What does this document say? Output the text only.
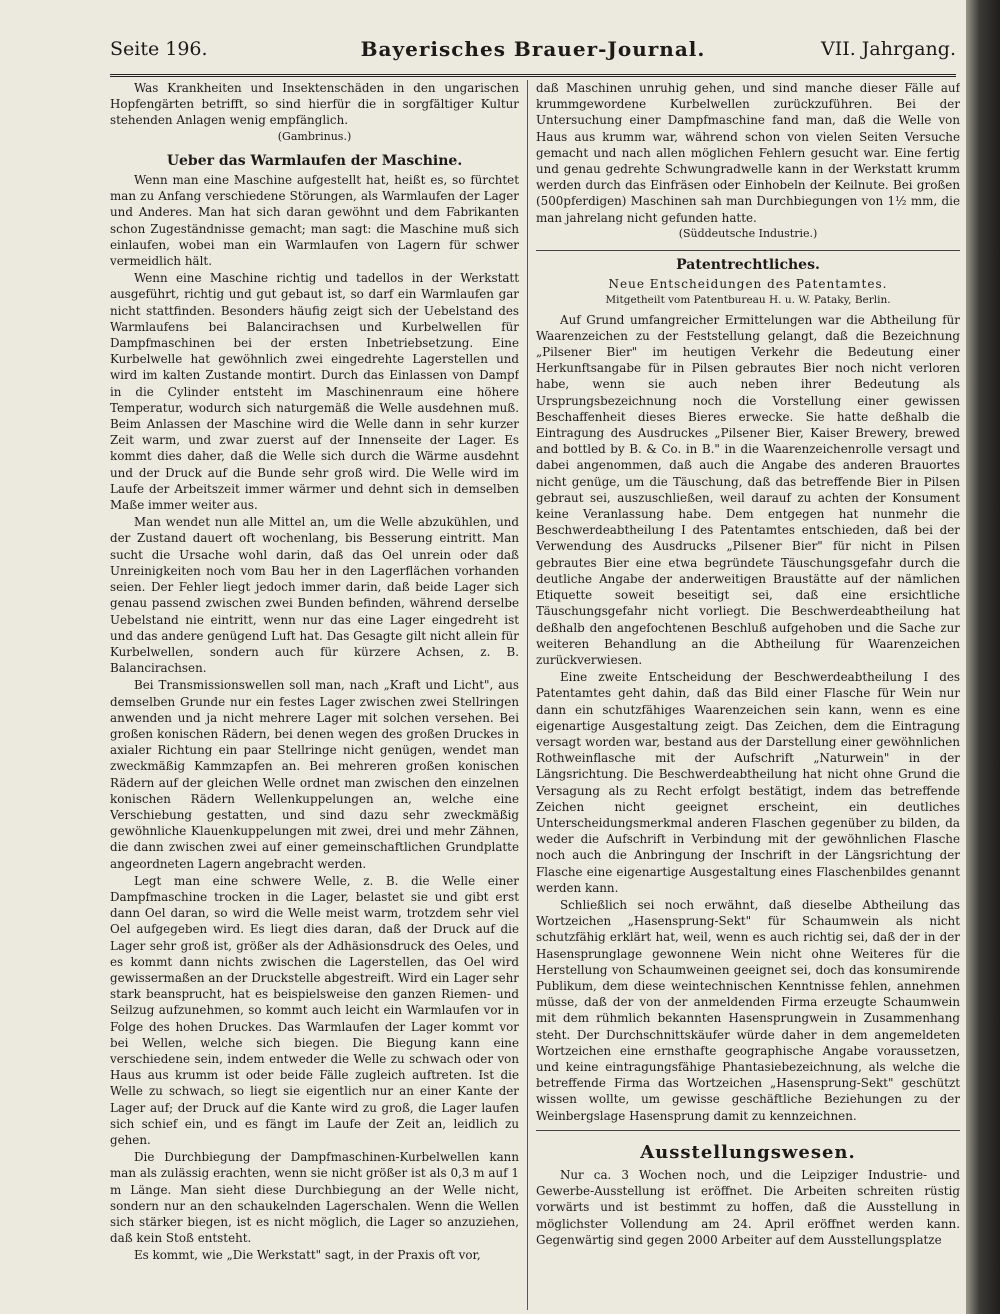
Seite 196.	Bayerisches Brauer-Journal.	VII. Jahrgang.

Was Krankheiten und Insektenschäden in den ungarischen Hopfengärten betrifft, so sind hierfür die in sorgfältiger Kultur stehenden Anlagen wenig empfänglich.

(Gambrinus.)
Ueber das Warmlaufen der Maschine.

Wenn man eine Maschine aufgestellt hat, heißt es, so fürchtet man zu Anfang verschiedene Störungen, als Warmlaufen der Lager und Anderes. Man hat sich daran gewöhnt und dem Fabrikanten schon Zugeständnisse gemacht; man sagt: die Maschine muß sich einlaufen, wobei man ein Warmlaufen von Lagern für schwer vermeidlich hält.

Wenn eine Maschine richtig und tadellos in der Werkstatt ausgeführt, richtig und gut gebaut ist, so darf ein Warmlaufen gar nicht stattfinden. Besonders häufig zeigt sich der Uebelstand des Warmlaufens bei Balancirachsen und Kurbelwellen für Dampfmaschinen bei der ersten Inbetriebsetzung. Eine Kurbelwelle hat gewöhnlich zwei eingedrehte Lagerstellen und wird im kalten Zustande montirt. Durch das Einlassen von Dampf in die Cylinder entsteht im Maschinenraum eine höhere Temperatur, wodurch sich naturgemäß die Welle ausdehnen muß. Beim Anlassen der Maschine wird die Welle dann in sehr kurzer Zeit warm, und zwar zuerst auf der Innenseite der Lager. Es kommt dies daher, daß die Welle sich durch die Wärme ausdehnt und der Druck auf die Bunde sehr groß wird. Die Welle wird im Laufe der Arbeitszeit immer wärmer und dehnt sich in demselben Maße immer weiter aus.

Man wendet nun alle Mittel an, um die Welle abzukühlen, und der Zustand dauert oft wochenlang, bis Besserung eintritt. Man sucht die Ursache wohl darin, daß das Oel unrein oder daß Unreinigkeiten noch vom Bau her in den Lagerflächen vorhanden seien. Der Fehler liegt jedoch immer darin, daß beide Lager sich genau passend zwischen zwei Bunden befinden, während derselbe Uebelstand nie eintritt, wenn nur das eine Lager eingedreht ist und das andere genügend Luft hat. Das Gesagte gilt nicht allein für Kurbelwellen, sondern auch für kürzere Achsen, z. B. Balancirachsen.

Bei Transmissionswellen soll man, nach „Kraft und Licht", aus demselben Grunde nur ein festes Lager zwischen zwei Stellringen anwenden und ja nicht mehrere Lager mit solchen versehen. Bei großen konischen Rädern, bei denen wegen des großen Druckes in axialer Richtung ein paar Stellringe nicht genügen, wendet man zweckmäßig Kammzapfen an. Bei mehreren großen konischen Rädern auf der gleichen Welle ordnet man zwischen den einzelnen konischen Rädern Wellenkuppelungen an, welche eine Verschiebung gestatten, und sind dazu sehr zweckmäßig gewöhnliche Klauenkuppelungen mit zwei, drei und mehr Zähnen, die dann zwischen zwei auf einer gemeinschaftlichen Grundplatte angeordneten Lagern angebracht werden.

Legt man eine schwere Welle, z. B. die Welle einer Dampfmaschine trocken in die Lager, belastet sie und gibt erst dann Oel daran, so wird die Welle meist warm, trotzdem sehr viel Oel aufgegeben wird. Es liegt dies daran, daß der Druck auf die Lager sehr groß ist, größer als der Adhäsionsdruck des Oeles, und es kommt dann nichts zwischen die Lagerstellen, das Oel wird gewissermaßen an der Druckstelle abgestreift. Wird ein Lager sehr stark beansprucht, hat es beispielsweise den ganzen Riemen- und Seilzug aufzunehmen, so kommt auch leicht ein Warmlaufen vor in Folge des hohen Druckes. Das Warmlaufen der Lager kommt vor bei Wellen, welche sich biegen. Die Biegung kann eine verschiedene sein, indem entweder die Welle zu schwach oder von Haus aus krumm ist oder beide Fälle zugleich auftreten. Ist die Welle zu schwach, so liegt sie eigentlich nur an einer Kante der Lager auf; der Druck auf die Kante wird zu groß, die Lager laufen sich schief ein, und es fängt im Laufe der Zeit an, leidlich zu gehen.

Die Durchbiegung der Dampfmaschinen-Kurbelwellen kann man als zulässig erachten, wenn sie nicht größer ist als 0,3 m auf 1 m Länge. Man sieht diese Durchbiegung an der Welle nicht, sondern nur an den schaukelnden Lagerschalen. Wenn die Wellen sich stärker biegen, ist es nicht möglich, die Lager so anzuziehen, daß kein Stoß entsteht.

Es kommt, wie „Die Werkstatt" sagt, in der Praxis oft vor,

daß Maschinen unruhig gehen, und sind manche dieser Fälle auf krummgewordene Kurbelwellen zurückzuführen. Bei der Untersuchung einer Dampfmaschine fand man, daß die Welle von Haus aus krumm war, während schon von vielen Seiten Versuche gemacht und nach allen möglichen Fehlern gesucht war. Eine fertig und genau gedrehte Schwungradwelle kann in der Werkstatt krumm werden durch das Einfräsen oder Einhobeln der Keilnute. Bei großen (500pferdigen) Maschinen sah man Durchbiegungen von 1½ mm, die man jahrelang nicht gefunden hatte.

(Süddeutsche Industrie.)
Patentrechtliches.
Neue Entscheidungen des Patentamtes.
Mitgetheilt vom Patentbureau H. u. W. Pataky, Berlin.

Auf Grund umfangreicher Ermittelungen war die Abtheilung für Waarenzeichen zu der Feststellung gelangt, daß die Bezeichnung „Pilsener Bier" im heutigen Verkehr die Bedeutung einer Herkunftsangabe für in Pilsen gebrautes Bier noch nicht verloren habe, wenn sie auch neben ihrer Bedeutung als Ursprungsbezeichnung noch die Vorstellung einer gewissen Beschaffenheit dieses Bieres erwecke. Sie hatte deßhalb die Eintragung des Ausdruckes „Pilsener Bier, Kaiser Brewery, brewed and bottled by B. & Co. in B." in die Waarenzeichenrolle versagt und dabei angenommen, daß auch die Angabe des anderen Brauortes nicht genüge, um die Täuschung, daß das betreffende Bier in Pilsen gebraut sei, auszuschließen, weil darauf zu achten der Konsument keine Veranlassung habe. Dem entgegen hat nunmehr die Beschwerdeabtheilung I des Patentamtes entschieden, daß bei der Verwendung des Ausdrucks „Pilsener Bier" für nicht in Pilsen gebrautes Bier eine etwa begründete Täuschungsgefahr durch die deutliche Angabe der anderweitigen Braustätte auf der nämlichen Etiquette soweit beseitigt sei, daß eine ersichtliche Täuschungsgefahr nicht vorliegt. Die Beschwerdeabtheilung hat deßhalb den angefochtenen Beschluß aufgehoben und die Sache zur weiteren Behandlung an die Abtheilung für Waarenzeichen zurückverwiesen.

Eine zweite Entscheidung der Beschwerdeabtheilung I des Patentamtes geht dahin, daß das Bild einer Flasche für Wein nur dann ein schutzfähiges Waarenzeichen sein kann, wenn es eine eigenartige Ausgestaltung zeigt. Das Zeichen, dem die Eintragung versagt worden war, bestand aus der Darstellung einer gewöhnlichen Rothweinflasche mit der Aufschrift „Naturwein" in der Längsrichtung. Die Beschwerdeabtheilung hat nicht ohne Grund die Versagung als zu Recht erfolgt bestätigt, indem das betreffende Zeichen nicht geeignet erscheint, ein deutliches Unterscheidungsmerkmal anderen Flaschen gegenüber zu bilden, da weder die Aufschrift in Verbindung mit der gewöhnlichen Flasche noch auch die Anbringung der Inschrift in der Längsrichtung der Flasche eine eigenartige Ausgestaltung eines Flaschenbildes genannt werden kann.

Schließlich sei noch erwähnt, daß dieselbe Abtheilung das Wortzeichen „Hasensprung-Sekt" für Schaumwein als nicht schutzfähig erklärt hat, weil, wenn es auch richtig sei, daß der in der Hasensprunglage gewonnene Wein nicht ohne Weiteres für die Herstellung von Schaumweinen geeignet sei, doch das konsumirende Publikum, dem diese weintechnischen Kenntnisse fehlen, annehmen müsse, daß der von der anmeldenden Firma erzeugte Schaumwein mit dem rühmlich bekannten Hasensprungwein in Zusammenhang steht. Der Durchschnittskäufer würde daher in dem angemeldeten Wortzeichen eine ernsthafte geographische Angabe voraussetzen, und keine eintragungsfähige Phantasiebezeichnung, als welche die betreffende Firma das Wortzeichen „Hasensprung-Sekt" geschützt wissen wollte, um gewisse geschäftliche Beziehungen zu der Weinbergslage Hasensprung damit zu kennzeichnen.

Ausstellungswesen.

Nur ca. 3 Wochen noch, und die Leipziger Industrie- und Gewerbe-Ausstellung ist eröffnet. Die Arbeiten schreiten rüstig vorwärts und ist bestimmt zu hoffen, daß die Ausstellung in möglichster Vollendung am 24. April eröffnet werden kann. Gegenwärtig sind gegen 2000 Arbeiter auf dem Ausstellungsplatze
